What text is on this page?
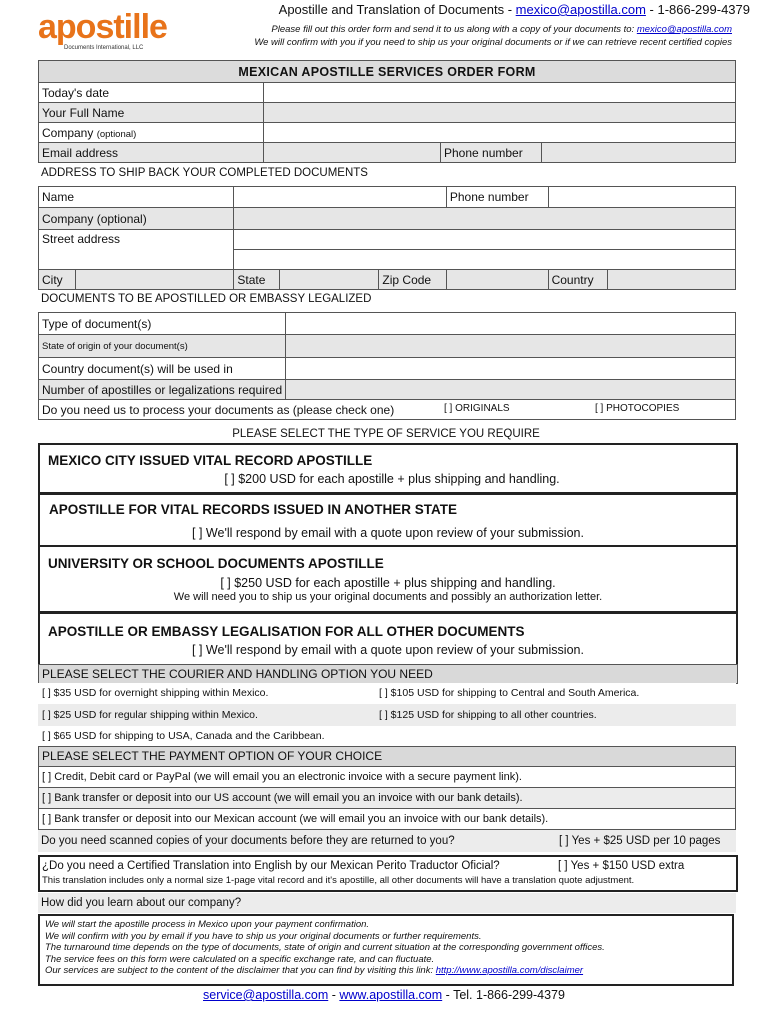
apostille
Documents International, LLC
Apostille and Translation of Documents - mexico@apostilla.com - 1-866-299-4379
Please fill out this order form and send it to us along with a copy of your documents to: mexico@apostilla.com
We will confirm with you if you need to ship us your original documents or if we can retrieve recent certified copies
MEXICAN APOSTILLE SERVICES ORDER FORM			
Today's date			
Your Full Name			
Company (optional)			
Email address		Phone number	
ADDRESS TO SHIP BACK YOUR COMPLETED DOCUMENTS
Name					Phone number		
Company (optional)							
Street address							

City		State		Zip Code		Country	
DOCUMENTS TO BE APOSTILLED OR EMBASSY LEGALIZED
Type of document(s)	
State of origin of your document(s)	
Country document(s) will be used in	
Number of apostilles or legalizations required	
Do you need us to process your documents as (please check one) [ ] ORIGINALS [ ] PHOTOCOPIES	
PLEASE SELECT THE TYPE OF SERVICE YOU REQUIRE
MEXICO CITY ISSUED VITAL RECORD APOSTILLE
[ ] $200 USD for each apostille + plus shipping and handling.
APOSTILLE FOR VITAL RECORDS ISSUED IN ANOTHER STATE
[ ] We'll respond by email with a quote upon review of your submission.
UNIVERSITY OR SCHOOL DOCUMENTS APOSTILLE
[ ] $250 USD for each apostille + plus shipping and handling.
We will need you to ship us your original documents and possibly an authorization letter.
APOSTILLE OR EMBASSY LEGALISATION FOR ALL OTHER DOCUMENTS
[ ] We'll respond by email with a quote upon review of your submission.
PLEASE SELECT THE COURIER AND HANDLING OPTION YOU NEED
[ ] $35 USD for overnight shipping within Mexico.	[ ] $105 USD for shipping to Central and South America.
[ ] $25 USD for regular shipping within Mexico.	[ ] $125 USD for shipping to all other countries.
[ ] $65 USD for shipping to USA, Canada and the Caribbean.
PLEASE SELECT THE PAYMENT OPTION OF YOUR CHOICE
[ ] Credit, Debit card or PayPal (we will email you an electronic invoice with a secure payment link).
[ ] Bank transfer or deposit into our US account (we will email you an invoice with our bank details).
[ ] Bank transfer or deposit into our Mexican account (we will email you an invoice with our bank details).
Do you need scanned copies of your documents before they are returned to you?	[ ] Yes + $25 USD per 10 pages
¿Do you need a Certified Translation into English by our Mexican Perito Traductor Oficial?	[ ] Yes + $150 USD extra
This translation includes only a normal size 1-page vital record and it's apostille, all other documents will have a translation quote adjustment.
How did you learn about our company?
We will start the apostille process in Mexico upon your payment confirmation.
We will confirm with you by email if you have to ship us your original documents or further requirements.
The turnaround time depends on the type of documents, state of origin and current situation at the corresponding government offices.
The service fees on this form were calculated on a specific exchange rate, and can fluctuate.
Our services are subject to the content of the disclaimer that you can find by visiting this link: http://www.apostilla.com/disclaimer
service@apostilla.com - www.apostilla.com - Tel. 1-866-299-4379
